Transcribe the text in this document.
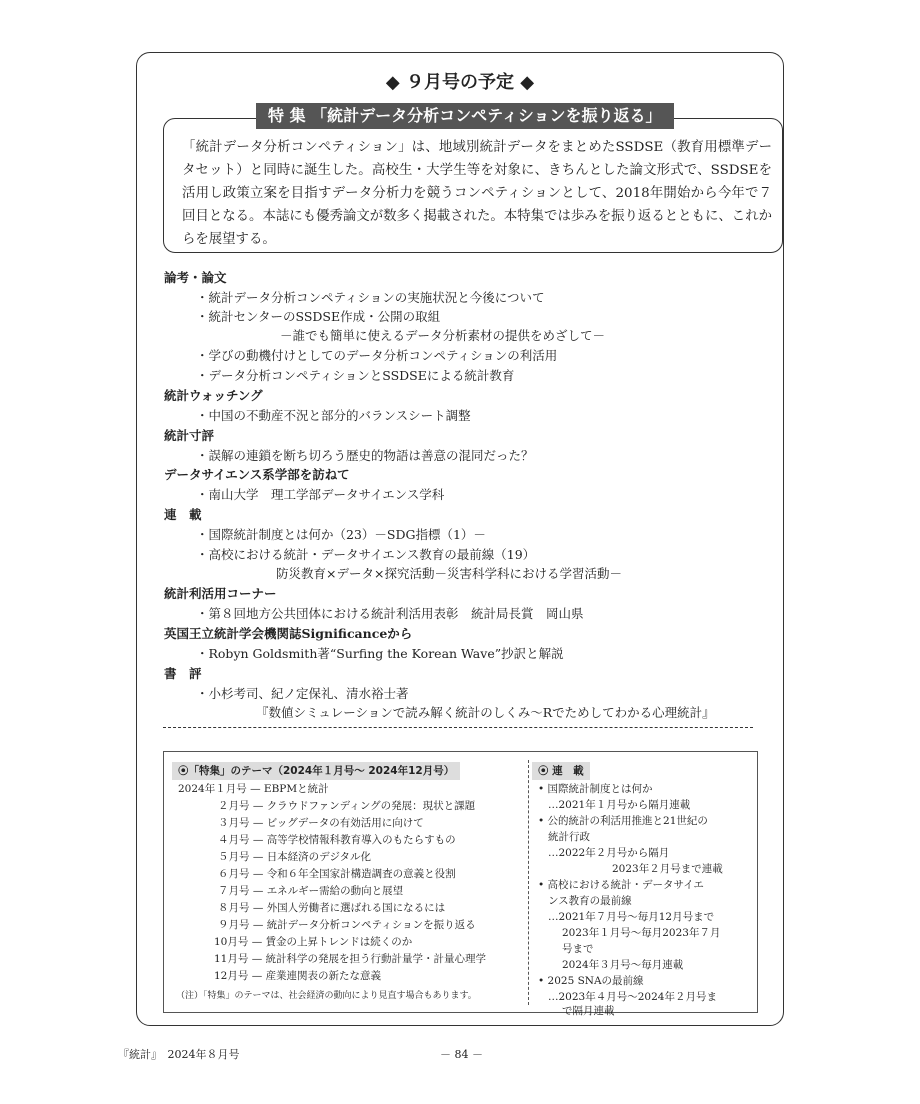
◆ ９月号の予定 ◆
特 集 「統計データ分析コンペティションを振り返る」
「統計データ分析コンペティション」は、地域別統計データをまとめたSSDSE（教育用標準データセット）と同時に誕生した。高校生・大学生等を対象に、きちんとした論文形式で、SSDSEを活用し政策立案を目指すデータ分析力を競うコンペティションとして、2018年開始から今年で７回目となる。本誌にも優秀論文が数多く掲載された。本特集では歩みを振り返るとともに、これからを展望する。
論考・論文
・統計データ分析コンペティションの実施状況と今後について
・統計センターのSSDSE作成・公開の取組
－誰でも簡単に使えるデータ分析素材の提供をめざして－
・学びの動機付けとしてのデータ分析コンペティションの利活用
・データ分析コンペティションとSSDSEによる統計教育
統計ウォッチング
・中国の不動産不況と部分的バランスシート調整
統計寸評
・誤解の連鎖を断ち切ろう歴史的物語は善意の混同だった？
データサイエンス系学部を訪ねて
・南山大学　理工学部データサイエンス学科
連　載
・国際統計制度とは何か（23）－SDG指標（1）－
・高校における統計・データサイエンス教育の最前線（19）
防災教育×データ×探究活動－災害科学科における学習活動－
統計利活用コーナー
・第８回地方公共団体における統計利活用表彰　統計局長賞　岡山県
英国王立統計学会機関誌Significanceから
・Robyn Goldsmith著“Surfing the Korean Wave”抄訳と解説
書　評
・小杉考司、紀ノ定保礼、清水裕士著
『数値シミュレーションで読み解く統計のしくみ～Rでためしてわかる心理統計』
⦿「特集」のテーマ（2024年１月号～ 2024年12月号）
2024年１月号 — EBPMと統計
２月号 — クラウドファンディングの発展：現状と課題
３月号 — ビッグデータの有効活用に向けて
４月号 — 高等学校情報科教育導入のもたらすもの
５月号 — 日本経済のデジタル化
６月号 — 令和６年全国家計構造調査の意義と役割
７月号 — エネルギー需給の動向と展望
８月号 — 外国人労働者に選ばれる国になるには
９月号 — 統計データ分析コンペティションを振り返る
10月号 — 賃金の上昇トレンドは続くのか
11月号 — 統計科学の発展を担う行動計量学・計量心理学
12月号 — 産業連関表の新たな意義
（注）「特集」のテーマは、社会経済の動向により見直す場合もあります。
⦿ 連　載
• 国際統計制度とは何か
…2021年１月号から隔月連載
• 公的統計の利活用推進と21世紀の
統計行政
…2022年２月号から隔月
2023年２月号まで連載
• 高校における統計・データサイエ
ンス教育の最前線
…2021年７月号～毎月12月号まで
2023年１月号～毎月2023年７月
号まで
2024年３月号～毎月連載
• 2025 SNAの最前線
…2023年４月号～2024年２月号ま
で隔月連載
『統計』　2024年８月号	－ 84 －
